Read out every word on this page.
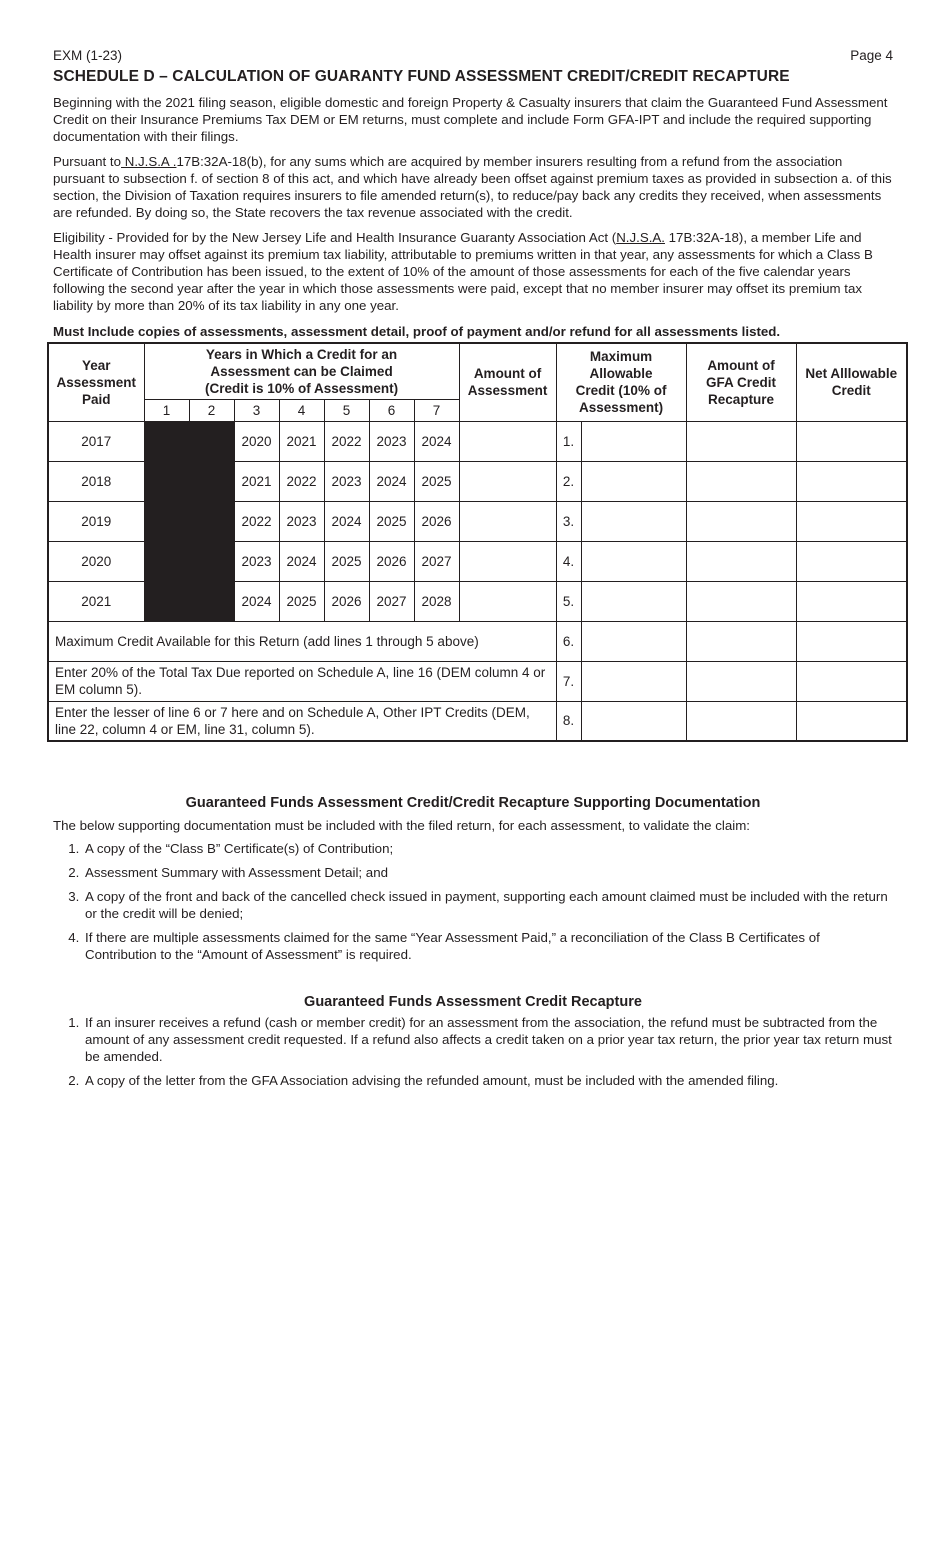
EXM (1-23)	Page 4
SCHEDULE D – CALCULATION OF GUARANTY FUND ASSESSMENT CREDIT/CREDIT RECAPTURE

Beginning with the 2021 filing season, eligible domestic and foreign Property & Casualty insurers that claim the Guaranteed Fund Assessment Credit on their Insurance Premiums Tax DEM or EM returns, must complete and include Form GFA-IPT and include the required supporting documentation with their filings.

Pursuant to N.J.S.A .17B:32A-18(b), for any sums which are acquired by member insurers resulting from a refund from the association pursuant to subsection f. of section 8 of this act, and which have already been offset against premium taxes as provided in subsection a. of this section, the Division of Taxation requires insurers to file amended return(s), to reduce/pay back any credits they received, when assessments are refunded. By doing so, the State recovers the tax revenue associated with the credit.

Eligibility - Provided for by the New Jersey Life and Health Insurance Guaranty Association Act (N.J.S.A. 17B:32A-18), a member Life and Health insurer may offset against its premium tax liability, attributable to premiums written in that year, any assessments for which a Class B Certificate of Contribution has been issued, to the extent of 10% of the amount of those assessments for each of the five calendar years following the second year after the year in which those assessments were paid, except that no member insurer may offset its premium tax liability by more than 20% of its tax liability in any one year.

Must Include copies of assessments, assessment detail, proof of payment and/or refund for all assessments listed.

Year Assessment Paid	Years in Which a Credit for an Assessment can be Claimed (Credit is 10% of Assessment)							Amount of Assessment	Maximum Allowable Credit (10% of Assessment)		Amount of GFA Credit Recapture	Net Alllowable Credit
	1	2	3	4	5	6	7					
2017			2020	2021	2022	2023	2024		1.			
2018			2021	2022	2023	2024	2025		2.			
2019			2022	2023	2024	2025	2026		3.			
2020			2023	2024	2025	2026	2027		4.			
2021			2024	2025	2026	2027	2028		5.			
Maximum Credit Available for this Return (add lines 1 through 5 above)									6.			
Enter 20% of the Total Tax Due reported on Schedule A, line 16 (DEM column 4 or EM column 5).									7.			
Enter the lesser of line 6 or 7 here and on Schedule A, Other IPT Credits (DEM, line 22, column 4 or EM, line 31, column 5).									8.			
Guaranteed Funds Assessment Credit/Credit Recapture Supporting Documentation

The below supporting documentation must be included with the filed return, for each assessment, to validate the claim:

1. A copy of the “Class B” Certificate(s) of Contribution;
2. Assessment Summary with Assessment Detail; and
3. A copy of the front and back of the cancelled check issued in payment, supporting each amount claimed must be included with the return or the credit will be denied;
4. If there are multiple assessments claimed for the same “Year Assessment Paid,” a reconciliation of the Class B Certificates of Contribution to the “Amount of Assessment” is required.
Guaranteed Funds Assessment Credit Recapture
1. If an insurer receives a refund (cash or member credit) for an assessment from the association, the refund must be subtracted from the amount of any assessment credit requested. If a refund also affects a credit taken on a prior year tax return, the prior year tax return must be amended.
2. A copy of the letter from the GFA Association advising the refunded amount, must be included with the amended filing.
